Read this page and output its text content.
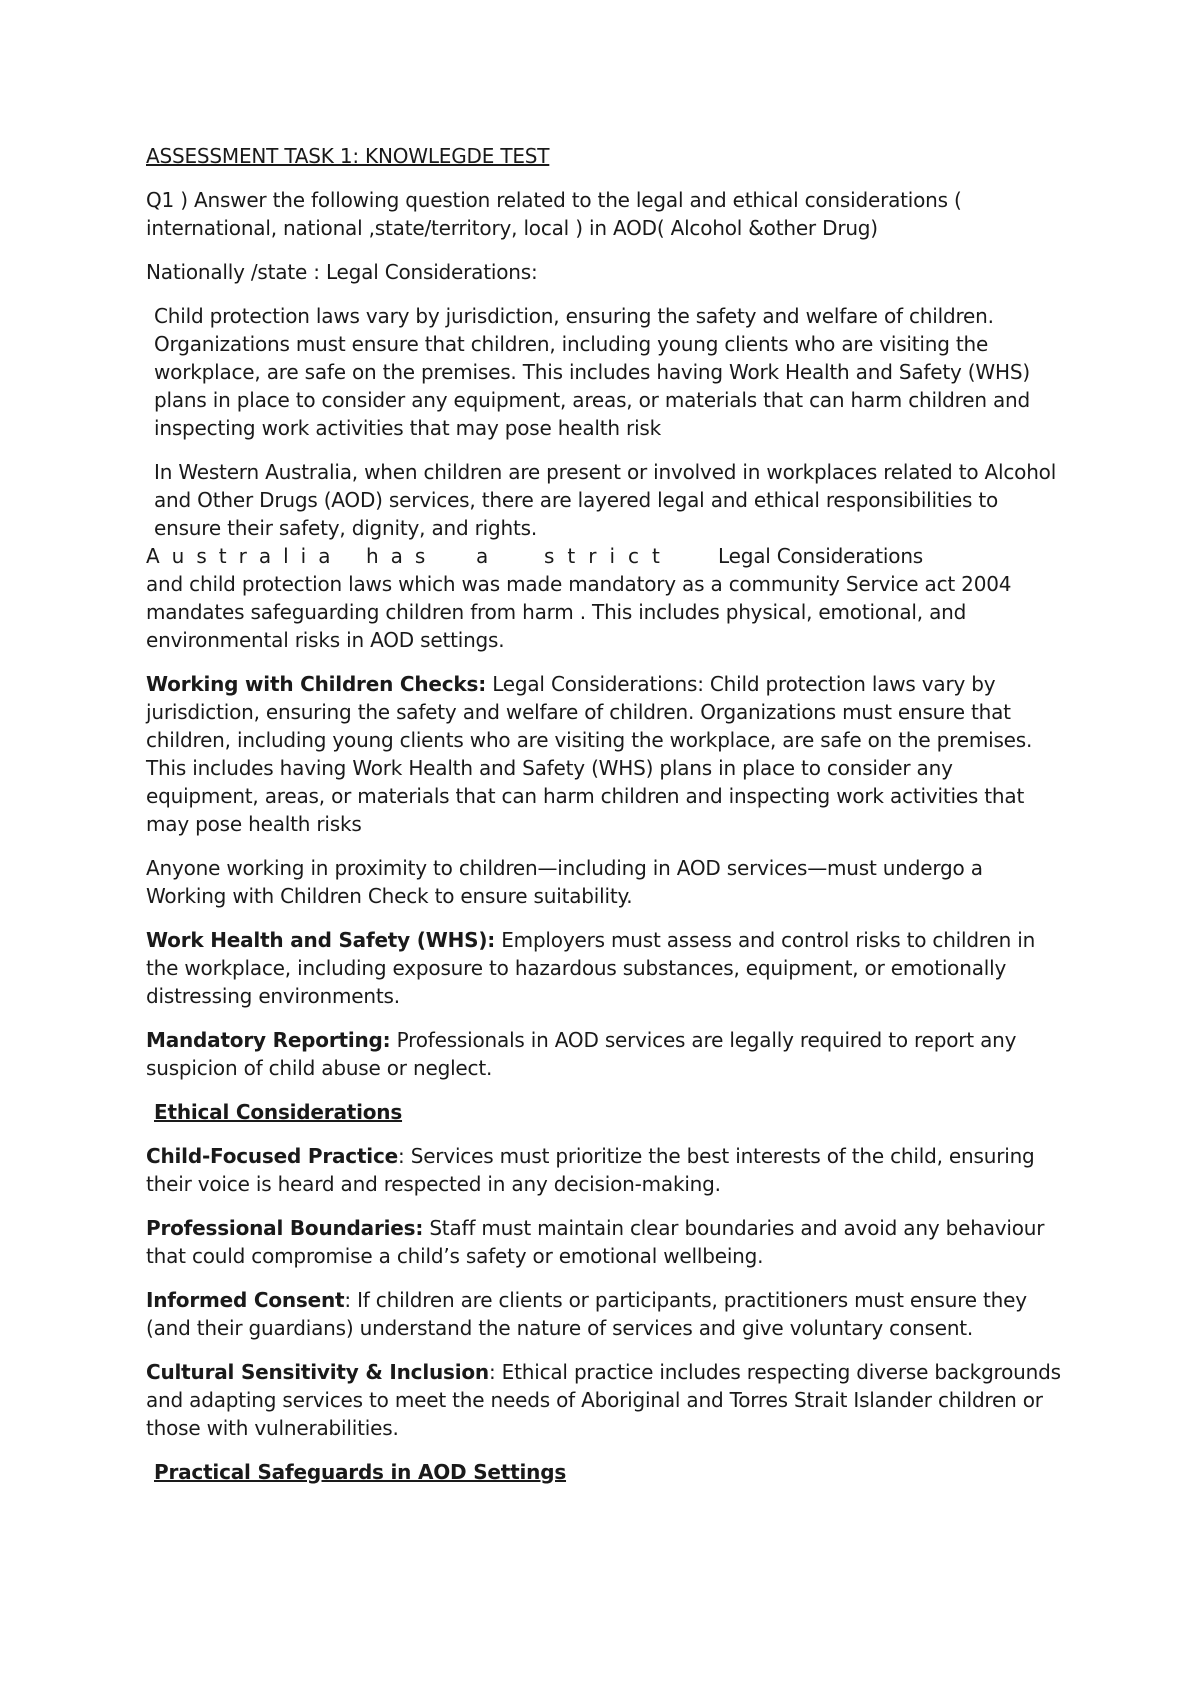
ASSESSMENT TASK 1: KNOWLEGDE TEST

Q1 ) Answer the following question related to the legal and ethical considerations ( international, national ,state/territory, local ) in AOD( Alcohol &other Drug)

Nationally /state : Legal Considerations:

Child protection laws vary by jurisdiction, ensuring the safety and welfare of children. Organizations must ensure that children, including young clients who are visiting the workplace, are safe on the premises. This includes having Work Health and Safety (WHS) plans in place to consider any equipment, areas, or materials that can harm children and inspecting work activities that may pose health risk

In Western Australia, when children are present or involved in workplaces related to Alcohol and Other Drugs (AOD) services, there are layered legal and ethical responsibilities to ensure their safety, dignity, and rights.

Australia has a	strict Legal Considerations

and child protection laws which was made mandatory as a community Service act 2004 mandates safeguarding children from harm . This includes physical, emotional, and environmental risks in AOD settings.

Working with Children Checks: Legal Considerations: Child protection laws vary by jurisdiction, ensuring the safety and welfare of children. Organizations must ensure that children, including young clients who are visiting the workplace, are safe on the premises. This includes having Work Health and Safety (WHS) plans in place to consider any equipment, areas, or materials that can harm children and inspecting work activities that may pose health risks

Anyone working in proximity to children—including in AOD services—must undergo a Working with Children Check to ensure suitability.

Work Health and Safety (WHS): Employers must assess and control risks to children in the workplace, including exposure to hazardous substances, equipment, or emotionally distressing environments.

Mandatory Reporting: Professionals in AOD services are legally required to report any suspicion of child abuse or neglect.

Ethical Considerations

Child-Focused Practice: Services must prioritize the best interests of the child, ensuring their voice is heard and respected in any decision-making.

Professional Boundaries: Staff must maintain clear boundaries and avoid any behaviour that could compromise a child’s safety or emotional wellbeing.

Informed Consent: If children are clients or participants, practitioners must ensure they (and their guardians) understand the nature of services and give voluntary consent.

Cultural Sensitivity & Inclusion: Ethical practice includes respecting diverse backgrounds and adapting services to meet the needs of Aboriginal and Torres Strait Islander children or those with vulnerabilities.

Practical Safeguards in AOD Settings
